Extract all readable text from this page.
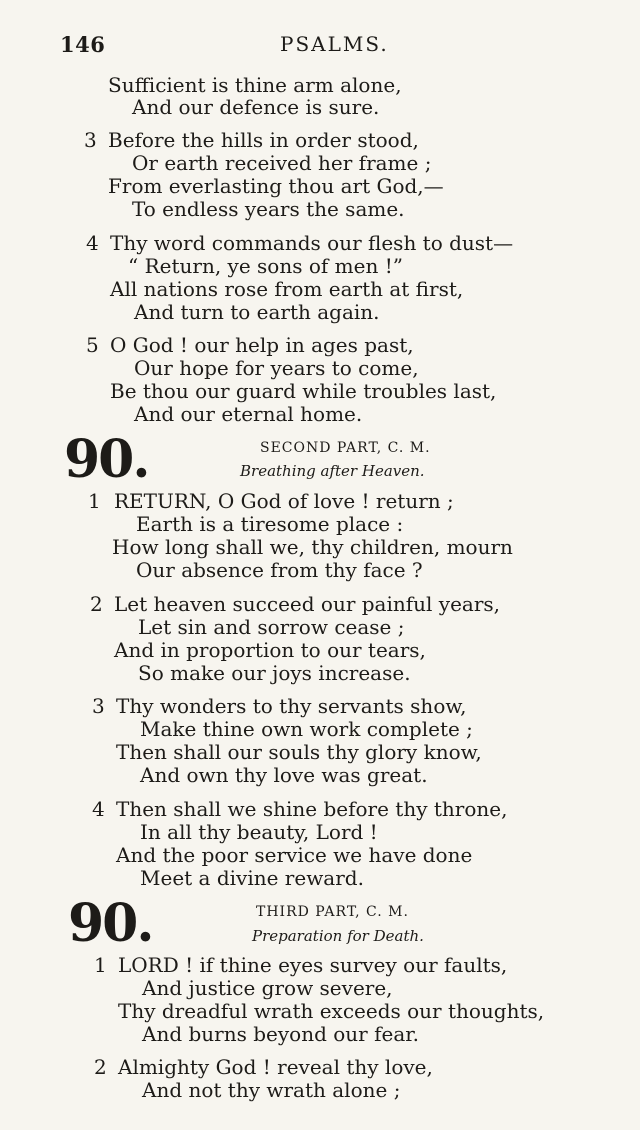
146	PSALMS.
Sufficient is thine arm alone,
And our defence is sure.
3 Before the hills in order stood,
Or earth received her frame ;
From everlasting thou art God,—
To endless years the same.
4 Thy word commands our flesh to dust—
“ Return, ye sons of men !”
All nations rose from earth at first,
And turn to earth again.
5 O God ! our help in ages past,
Our hope for years to come,
Be thou our guard while troubles last,
And our eternal home.
90.	SECOND PART, C. M.
Breathing after Heaven.
1 RETURN, O God of love ! return ;
Earth is a tiresome place :
How long shall we, thy children, mourn
Our absence from thy face ?
2 Let heaven succeed our painful years,
Let sin and sorrow cease ;
And in proportion to our tears,
So make our joys increase.
3 Thy wonders to thy servants show,
Make thine own work complete ;
Then shall our souls thy glory know,
And own thy love was great.
4 Then shall we shine before thy throne,
In all thy beauty, Lord !
And the poor service we have done
Meet a divine reward.
90.	THIRD PART, C. M.
Preparation for Death.
1 LORD ! if thine eyes survey our faults,
And justice grow severe,
Thy dreadful wrath exceeds our thoughts,
And burns beyond our fear.
2 Almighty God ! reveal thy love,
And not thy wrath alone ;
